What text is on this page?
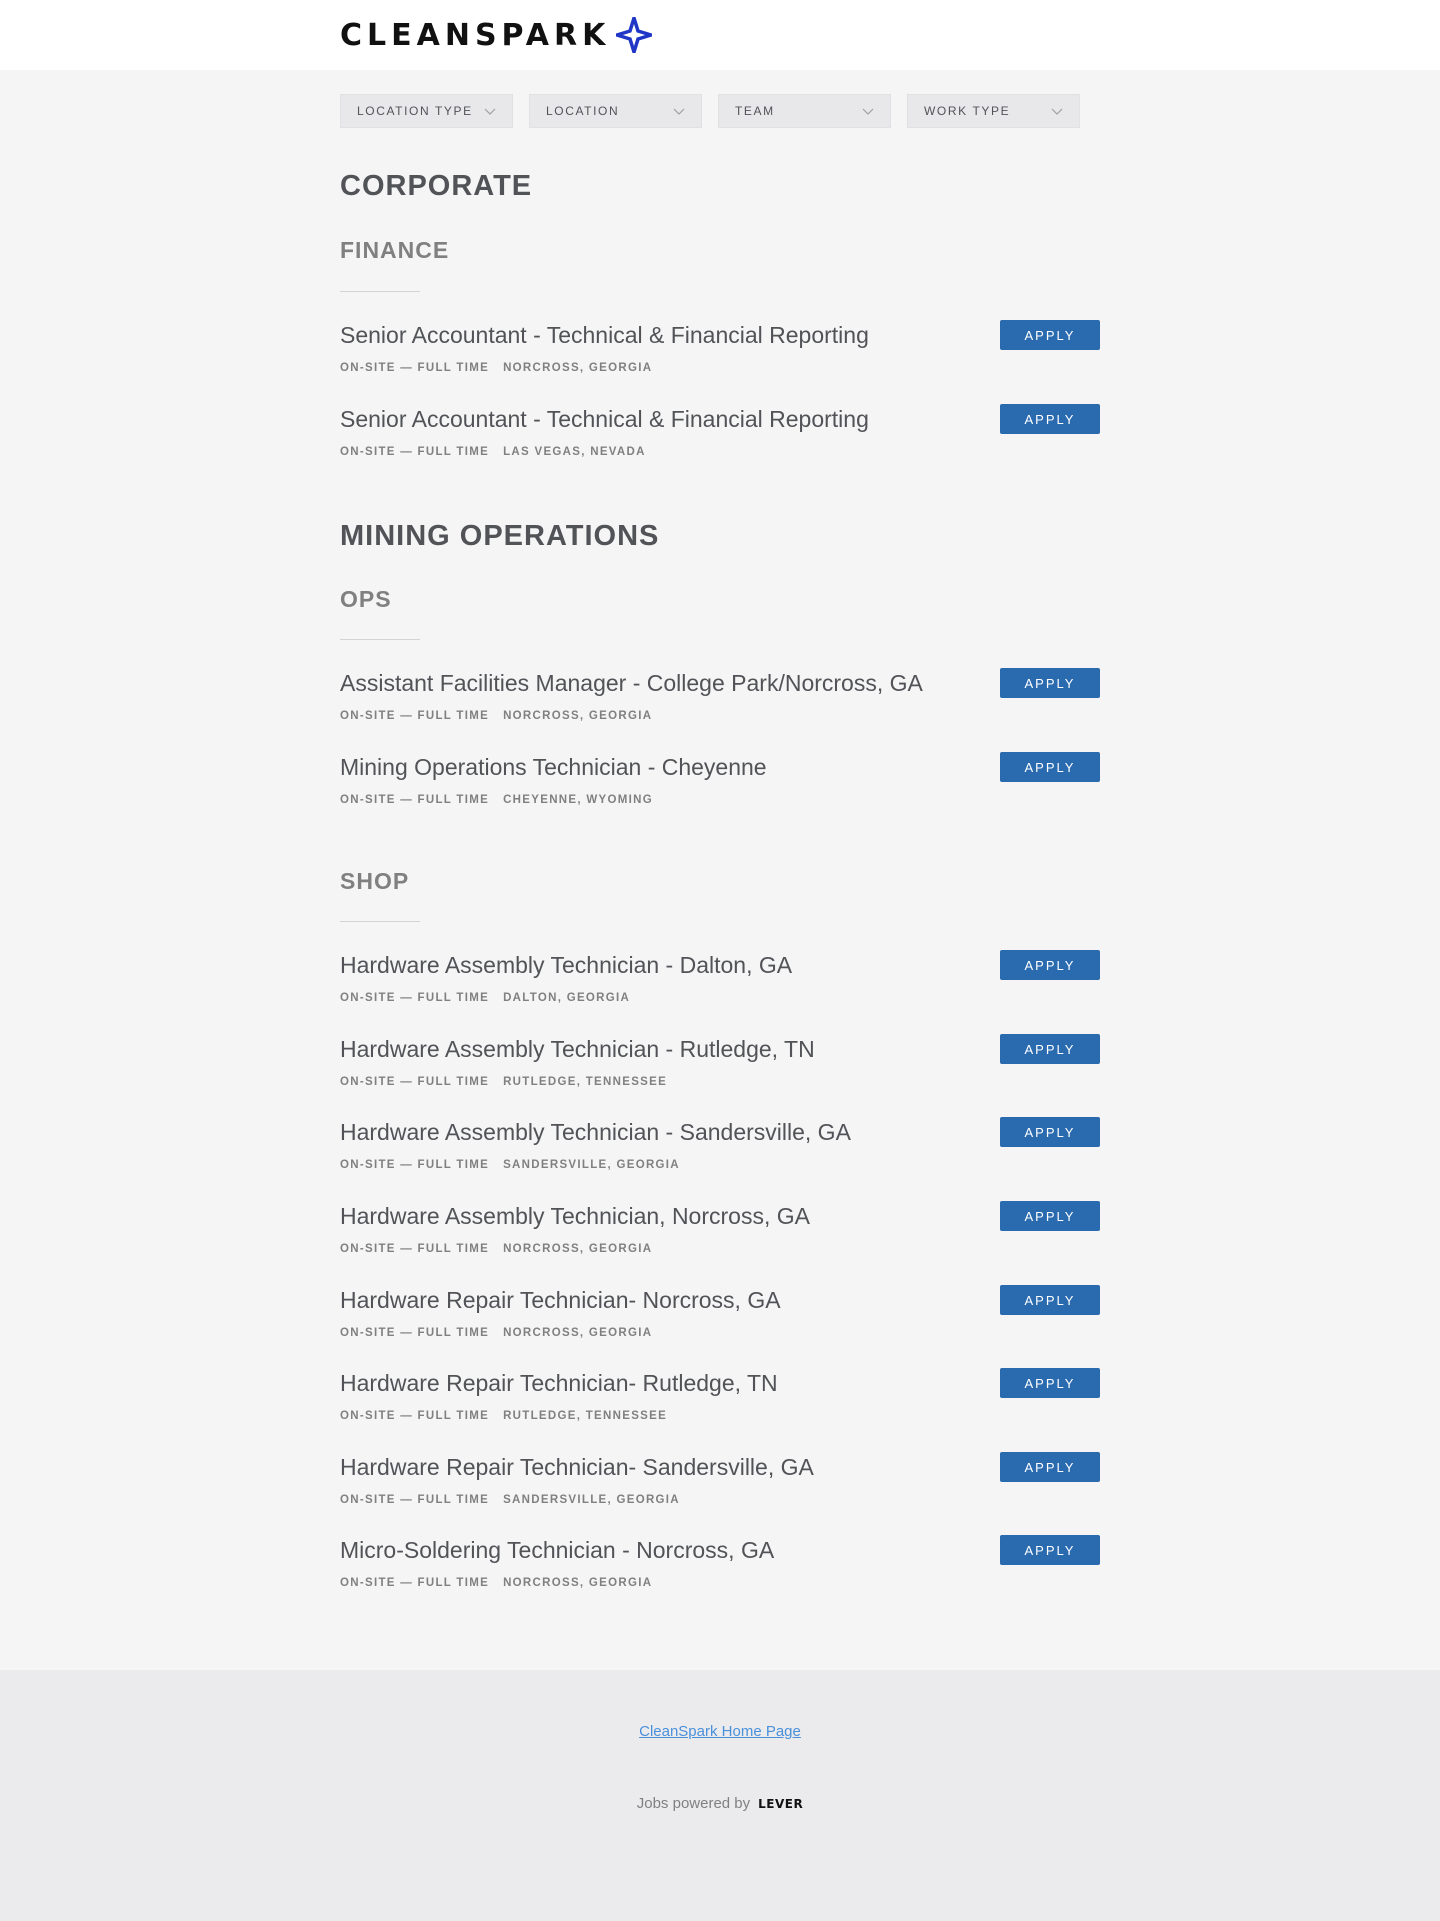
CLEANSPARK
LOCATION TYPE	LOCATION	TEAM	WORK TYPE
CORPORATE
FINANCE
Senior Accountant - Technical & Financial Reporting
ON-SITE — FULL TIME NORCROSS, GEORGIA
APPLY
Senior Accountant - Technical & Financial Reporting
ON-SITE — FULL TIME LAS VEGAS, NEVADA
APPLY
MINING OPERATIONS
OPS
Assistant Facilities Manager - College Park/Norcross, GA
ON-SITE — FULL TIME NORCROSS, GEORGIA
APPLY
Mining Operations Technician - Cheyenne
ON-SITE — FULL TIME CHEYENNE, WYOMING
APPLY
SHOP
Hardware Assembly Technician - Dalton, GA
ON-SITE — FULL TIME DALTON, GEORGIA
APPLY
Hardware Assembly Technician - Rutledge, TN
ON-SITE — FULL TIME RUTLEDGE, TENNESSEE
APPLY
Hardware Assembly Technician - Sandersville, GA
ON-SITE — FULL TIME SANDERSVILLE, GEORGIA
APPLY
Hardware Assembly Technician, Norcross, GA
ON-SITE — FULL TIME NORCROSS, GEORGIA
APPLY
Hardware Repair Technician- Norcross, GA
ON-SITE — FULL TIME NORCROSS, GEORGIA
APPLY
Hardware Repair Technician- Rutledge, TN
ON-SITE — FULL TIME RUTLEDGE, TENNESSEE
APPLY
Hardware Repair Technician- Sandersville, GA
ON-SITE — FULL TIME SANDERSVILLE, GEORGIA
APPLY
Micro-Soldering Technician - Norcross, GA
ON-SITE — FULL TIME NORCROSS, GEORGIA
APPLY
CleanSpark Home Page
Jobs powered by LEVER
